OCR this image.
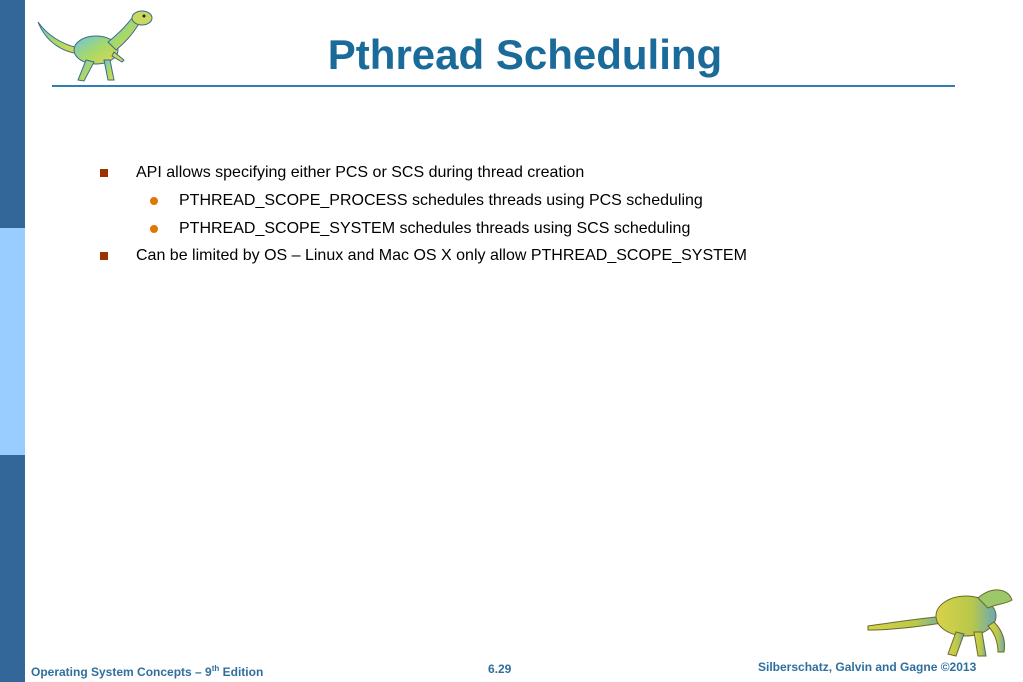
Pthread Scheduling
API allows specifying either PCS or SCS during thread creation
PTHREAD_SCOPE_PROCESS schedules threads using PCS scheduling
PTHREAD_SCOPE_SYSTEM schedules threads using SCS scheduling
Can be limited by OS – Linux and Mac OS X only allow PTHREAD_SCOPE_SYSTEM
Operating System Concepts – 9th Edition	6.29	Silberschatz, Galvin and Gagne ©2013
